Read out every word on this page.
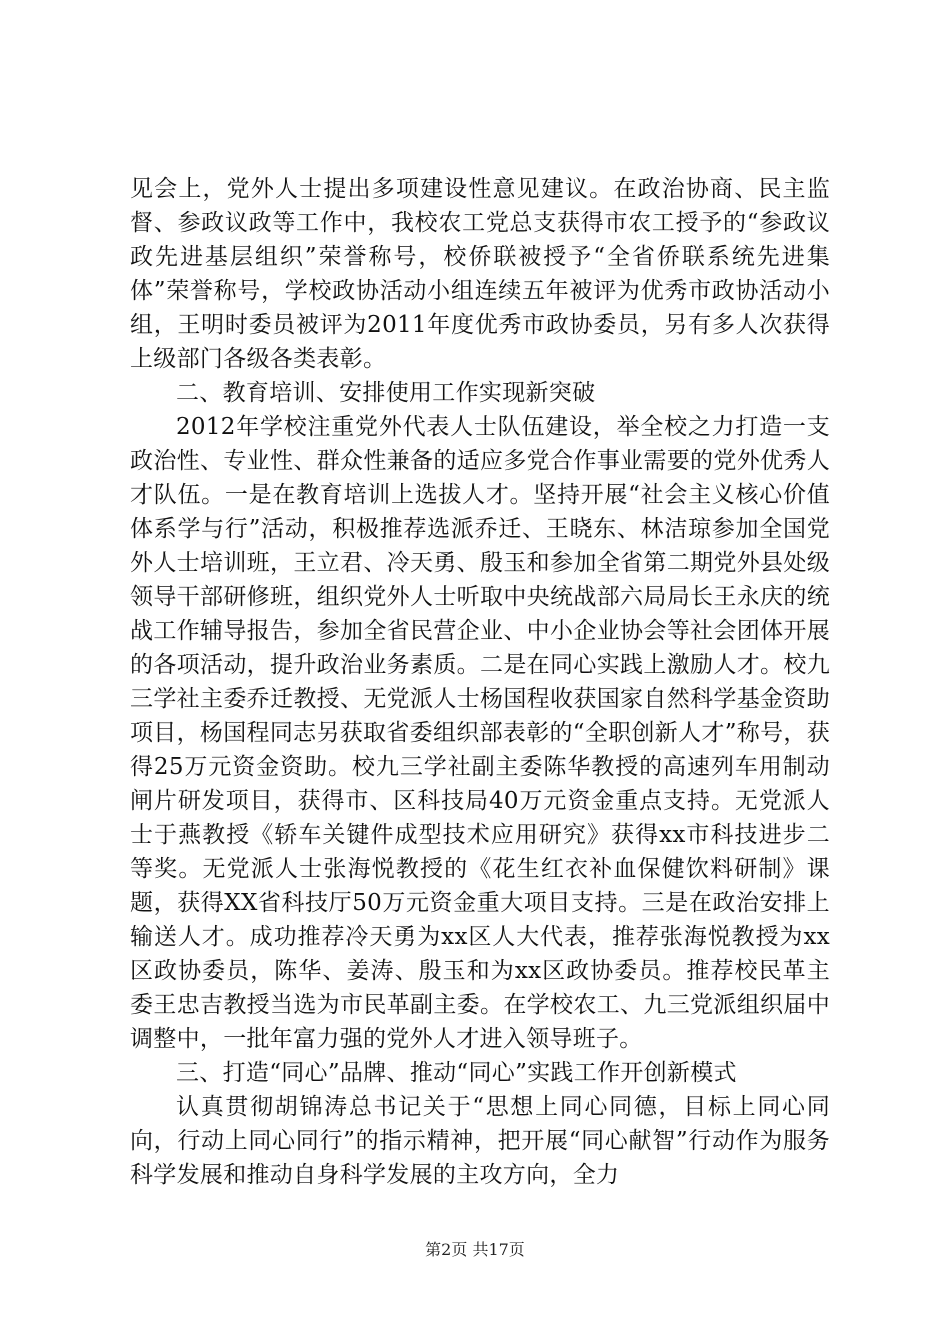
见会上，党外人士提出多项建设性意见建议。在政治协商、民主监督、参政议政等工作中，我校农工党总支获得市农工授予的“参政议政先进基层组织”荣誉称号，校侨联被授予“全省侨联系统先进集体”荣誉称号，学校政协活动小组连续五年被评为优秀市政协活动小组，王明时委员被评为2011年度优秀市政协委员，另有多人次获得上级部门各级各类表彰。

二、教育培训、安排使用工作实现新突破

2012年学校注重党外代表人士队伍建设，举全校之力打造一支政治性、专业性、群众性兼备的适应多党合作事业需要的党外优秀人才队伍。一是在教育培训上选拔人才。坚持开展“社会主义核心价值体系学与行”活动，积极推荐选派乔迁、王晓东、林洁琼参加全国党外人士培训班，王立君、冷天勇、殷玉和参加全省第二期党外县处级领导干部研修班，组织党外人士听取中央统战部六局局长王永庆的统战工作辅导报告，参加全省民营企业、中小企业协会等社会团体开展的各项活动，提升政治业务素质。二是在同心实践上激励人才。校九三学社主委乔迁教授、无党派人士杨国程收获国家自然科学基金资助项目，杨国程同志另获取省委组织部表彰的“全职创新人才”称号，获得25万元资金资助。校九三学社副主委陈华教授的高速列车用制动闸片研发项目，获得市、区科技局40万元资金重点支持。无党派人士于燕教授《轿车关键件成型技术应用研究》获得xx市科技进步二等奖。无党派人士张海悦教授的《花生红衣补血保健饮料研制》课题，获得XX省科技厅50万元资金重大项目支持。三是在政治安排上输送人才。成功推荐冷天勇为xx区人大代表，推荐张海悦教授为xx区政协委员，陈华、姜涛、殷玉和为xx区政协委员。推荐校民革主委王忠吉教授当选为市民革副主委。在学校农工、九三党派组织届中调整中，一批年富力强的党外人才进入领导班子。

三、打造“同心”品牌、推动“同心”实践工作开创新模式

认真贯彻胡锦涛总书记关于“思想上同心同德，目标上同心同向，行动上同心同行”的指示精神，把开展“同心献智”行动作为服务科学发展和推动自身科学发展的主攻方向，全力

第2页 共17页
